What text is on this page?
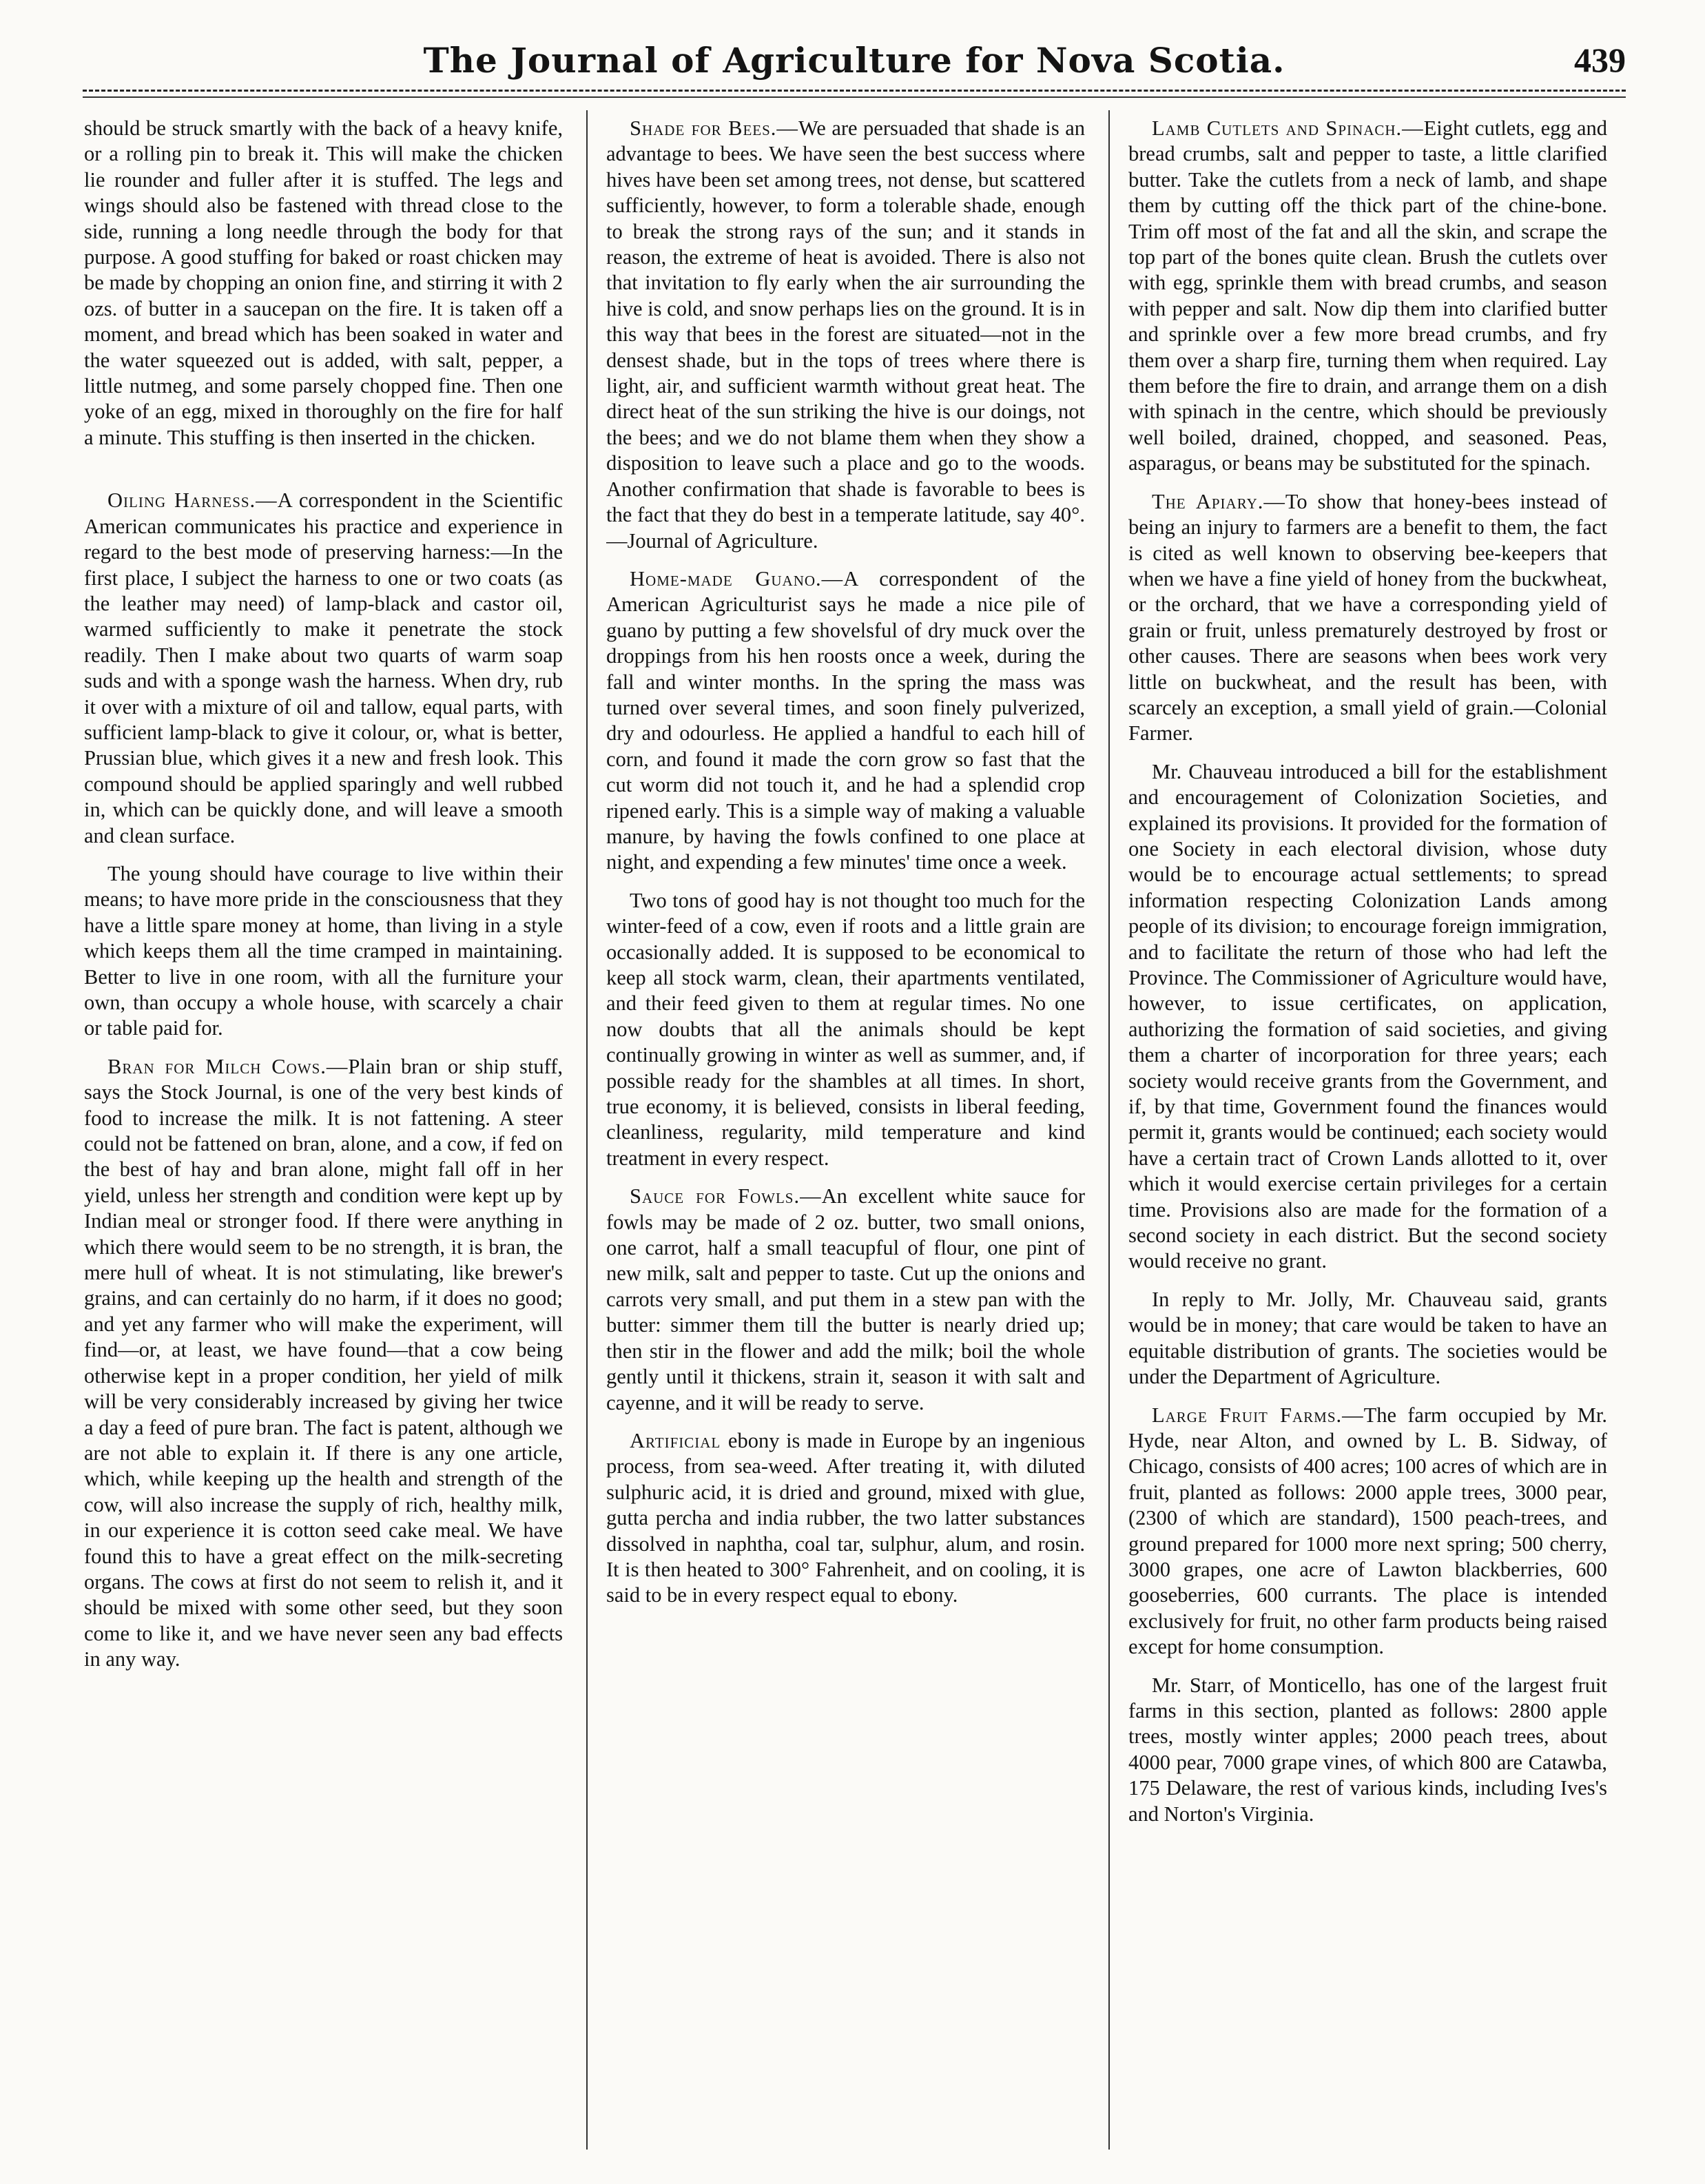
The Journal of Agriculture for Nova Scotia.	439

should be struck smartly with the back of a heavy knife, or a rolling pin to break it. This will make the chicken lie rounder and fuller after it is stuffed. The legs and wings should also be fastened with thread close to the side, running a long needle through the body for that purpose. A good stuffing for baked or roast chicken may be made by chopping an onion fine, and stirring it with 2 ozs. of butter in a saucepan on the fire. It is taken off a moment, and bread which has been soaked in water and the water squeezed out is added, with salt, pepper, a little nutmeg, and some parsely chopped fine. Then one yoke of an egg, mixed in thoroughly on the fire for half a minute. This stuffing is then inserted in the chicken.

Oiling Harness.—A correspondent in the Scientific American communicates his practice and experience in regard to the best mode of preserving harness:—In the first place, I subject the harness to one or two coats (as the leather may need) of lamp-black and castor oil, warmed sufficiently to make it penetrate the stock readily. Then I make about two quarts of warm soap suds and with a sponge wash the harness. When dry, rub it over with a mixture of oil and tallow, equal parts, with sufficient lamp-black to give it colour, or, what is better, Prussian blue, which gives it a new and fresh look. This compound should be applied sparingly and well rubbed in, which can be quickly done, and will leave a smooth and clean surface.

The young should have courage to live within their means; to have more pride in the consciousness that they have a little spare money at home, than living in a style which keeps them all the time cramped in maintaining. Better to live in one room, with all the furniture your own, than occupy a whole house, with scarcely a chair or table paid for.

Bran for Milch Cows.—Plain bran or ship stuff, says the Stock Journal, is one of the very best kinds of food to increase the milk. It is not fattening. A steer could not be fattened on bran, alone, and a cow, if fed on the best of hay and bran alone, might fall off in her yield, unless her strength and condition were kept up by Indian meal or stronger food. If there were anything in which there would seem to be no strength, it is bran, the mere hull of wheat. It is not stimulating, like brewer's grains, and can certainly do no harm, if it does no good; and yet any farmer who will make the experiment, will find—or, at least, we have found—that a cow being otherwise kept in a proper condition, her yield of milk will be very considerably increased by giving her twice a day a feed of pure bran. The fact is patent, although we are not able to explain it. If there is any one article, which, while keeping up the health and strength of the cow, will also increase the supply of rich, healthy milk, in our experience it is cotton seed cake meal. We have found this to have a great effect on the milk-secreting organs. The cows at first do not seem to relish it, and it should be mixed with some other seed, but they soon come to like it, and we have never seen any bad effects in any way.

Shade for Bees.—We are persuaded that shade is an advantage to bees. We have seen the best success where hives have been set among trees, not dense, but scattered sufficiently, however, to form a tolerable shade, enough to break the strong rays of the sun; and it stands in reason, the extreme of heat is avoided. There is also not that invitation to fly early when the air surrounding the hive is cold, and snow perhaps lies on the ground. It is in this way that bees in the forest are situated—not in the densest shade, but in the tops of trees where there is light, air, and sufficient warmth without great heat. The direct heat of the sun striking the hive is our doings, not the bees; and we do not blame them when they show a disposition to leave such a place and go to the woods. Another confirmation that shade is favorable to bees is the fact that they do best in a temperate latitude, say 40°.—Journal of Agriculture.

Home-made Guano.—A correspondent of the American Agriculturist says he made a nice pile of guano by putting a few shovelsful of dry muck over the droppings from his hen roosts once a week, during the fall and winter months. In the spring the mass was turned over several times, and soon finely pulverized, dry and odourless. He applied a handful to each hill of corn, and found it made the corn grow so fast that the cut worm did not touch it, and he had a splendid crop ripened early. This is a simple way of making a valuable manure, by having the fowls confined to one place at night, and expending a few minutes' time once a week.

Two tons of good hay is not thought too much for the winter-feed of a cow, even if roots and a little grain are occasionally added. It is supposed to be economical to keep all stock warm, clean, their apartments ventilated, and their feed given to them at regular times. No one now doubts that all the animals should be kept continually growing in winter as well as summer, and, if possible ready for the shambles at all times. In short, true economy, it is believed, consists in liberal feeding, cleanliness, regularity, mild temperature and kind treatment in every respect.

Sauce for Fowls.—An excellent white sauce for fowls may be made of 2 oz. butter, two small onions, one carrot, half a small teacupful of flour, one pint of new milk, salt and pepper to taste. Cut up the onions and carrots very small, and put them in a stew pan with the butter: simmer them till the butter is nearly dried up; then stir in the flower and add the milk; boil the whole gently until it thickens, strain it, season it with salt and cayenne, and it will be ready to serve.

Artificial ebony is made in Europe by an ingenious process, from sea-weed. After treating it, with diluted sulphuric acid, it is dried and ground, mixed with glue, gutta percha and india rubber, the two latter substances dissolved in naphtha, coal tar, sulphur, alum, and rosin. It is then heated to 300° Fahrenheit, and on cooling, it is said to be in every respect equal to ebony.

Lamb Cutlets and Spinach.—Eight cutlets, egg and bread crumbs, salt and pepper to taste, a little clarified butter. Take the cutlets from a neck of lamb, and shape them by cutting off the thick part of the chine-bone. Trim off most of the fat and all the skin, and scrape the top part of the bones quite clean. Brush the cutlets over with egg, sprinkle them with bread crumbs, and season with pepper and salt. Now dip them into clarified butter and sprinkle over a few more bread crumbs, and fry them over a sharp fire, turning them when required. Lay them before the fire to drain, and arrange them on a dish with spinach in the centre, which should be previously well boiled, drained, chopped, and seasoned. Peas, asparagus, or beans may be substituted for the spinach.

The Apiary.—To show that honey-bees instead of being an injury to farmers are a benefit to them, the fact is cited as well known to observing bee-keepers that when we have a fine yield of honey from the buckwheat, or the orchard, that we have a corresponding yield of grain or fruit, unless prematurely destroyed by frost or other causes. There are seasons when bees work very little on buckwheat, and the result has been, with scarcely an exception, a small yield of grain.—Colonial Farmer.

Mr. Chauveau introduced a bill for the establishment and encouragement of Colonization Societies, and explained its provisions. It provided for the formation of one Society in each electoral division, whose duty would be to encourage actual settlements; to spread information respecting Colonization Lands among people of its division; to encourage foreign immigration, and to facilitate the return of those who had left the Province. The Commissioner of Agriculture would have, however, to issue certificates, on application, authorizing the formation of said societies, and giving them a charter of incorporation for three years; each society would receive grants from the Government, and if, by that time, Government found the finances would permit it, grants would be continued; each society would have a certain tract of Crown Lands allotted to it, over which it would exercise certain privileges for a certain time. Provisions also are made for the formation of a second society in each district. But the second society would receive no grant.

In reply to Mr. Jolly, Mr. Chauveau said, grants would be in money; that care would be taken to have an equitable distribution of grants. The societies would be under the Department of Agriculture.

Large Fruit Farms.—The farm occupied by Mr. Hyde, near Alton, and owned by L. B. Sidway, of Chicago, consists of 400 acres; 100 acres of which are in fruit, planted as follows: 2000 apple trees, 3000 pear, (2300 of which are standard), 1500 peach-trees, and ground prepared for 1000 more next spring; 500 cherry, 3000 grapes, one acre of Lawton blackberries, 600 gooseberries, 600 currants. The place is intended exclusively for fruit, no other farm products being raised except for home consumption.

Mr. Starr, of Monticello, has one of the largest fruit farms in this section, planted as follows: 2800 apple trees, mostly winter apples; 2000 peach trees, about 4000 pear, 7000 grape vines, of which 800 are Catawba, 175 Delaware, the rest of various kinds, including Ives's and Norton's Virginia.
